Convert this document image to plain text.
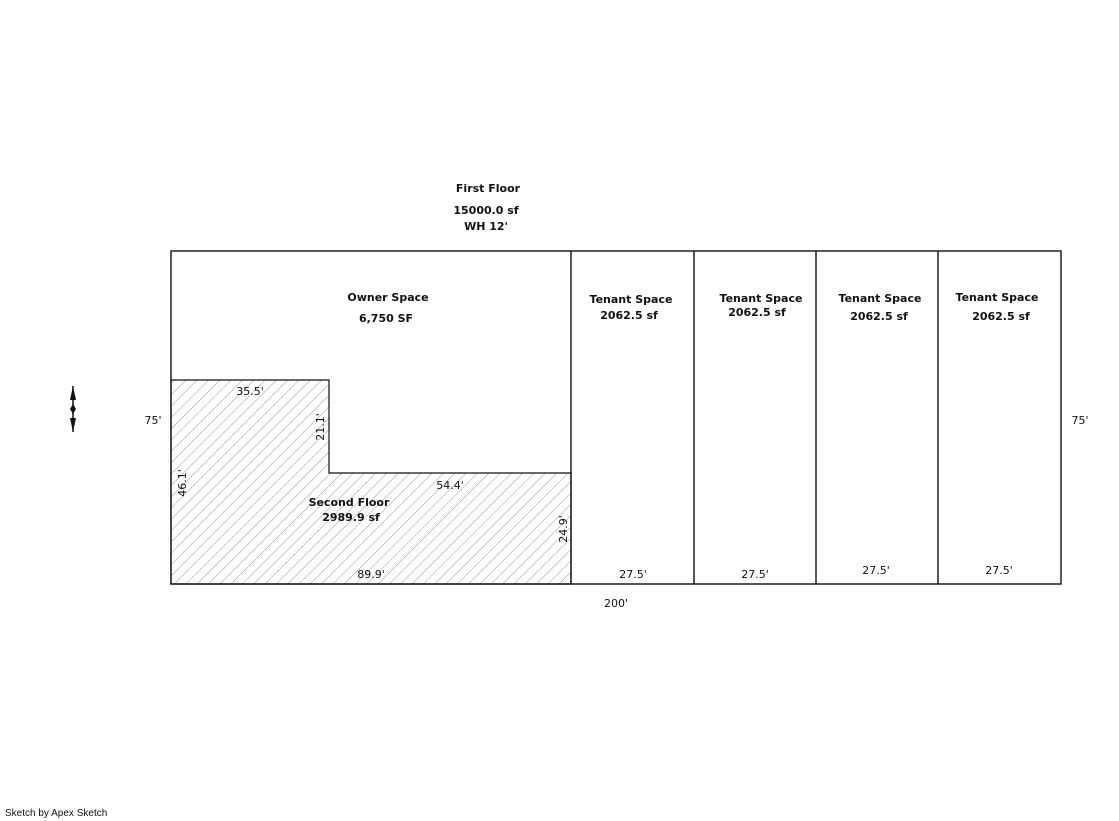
First Floor
15000.0 sf
WH 12'
Owner Space
6,750 SF
Tenant Space
2062.5 sf
27.5'
Tenant Space
2062.5 sf
27.5'
Tenant Space
2062.5 sf
27.5'
Tenant Space
2062.5 sf
27.5'
Second Floor
2989.9 sf
35.5'
21.1'
54.4'
46.1'
24.9'
89.9'
75'	75'
200'
Sketch by Apex Sketch
